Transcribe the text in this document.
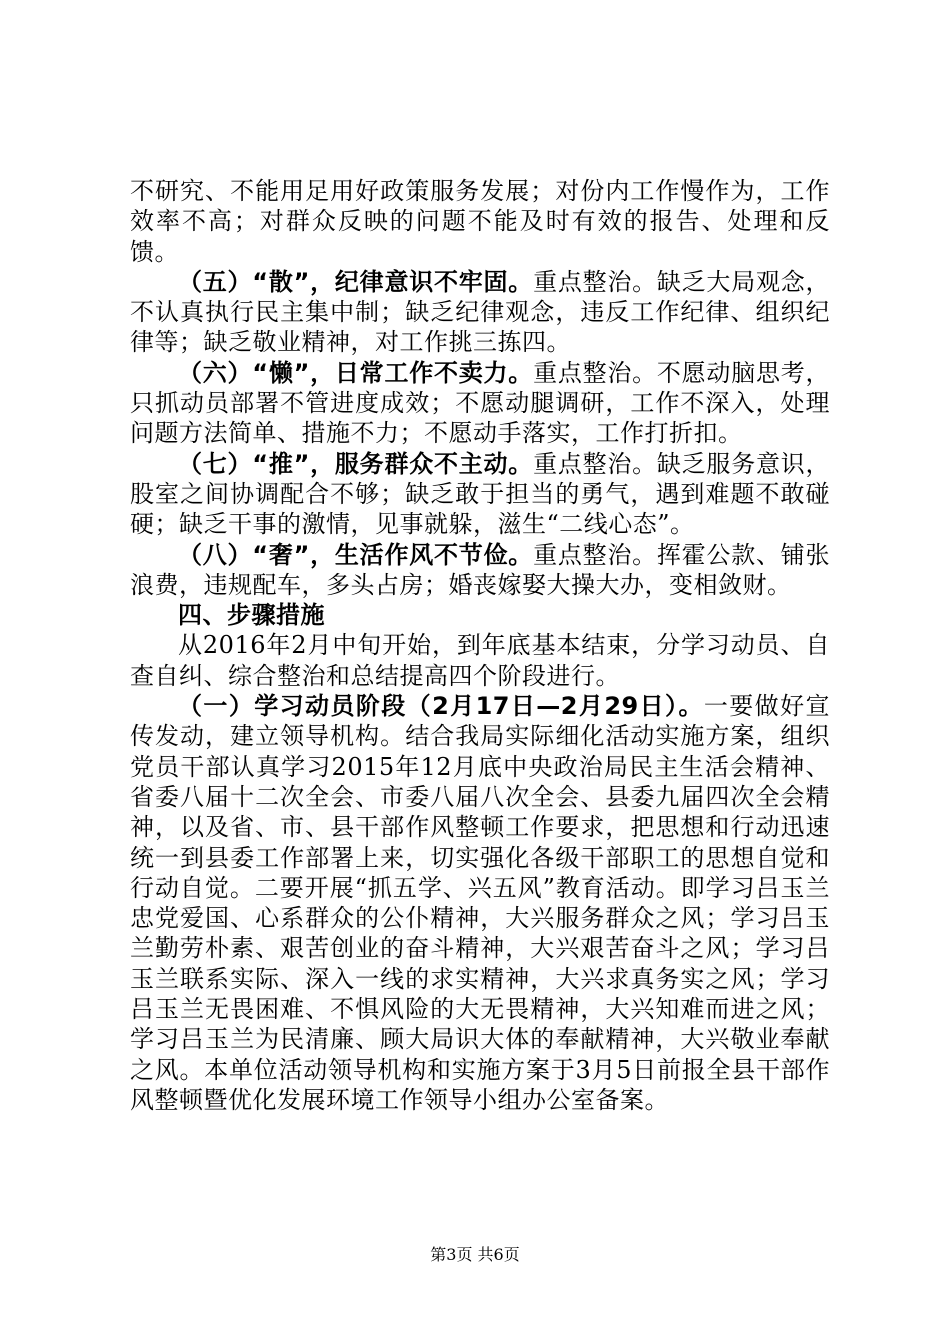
不研究、不能用足用好政策服务发展；对份内工作慢作为，工作效率不高；对群众反映的问题不能及时有效的报告、处理和反馈。

（五）“散”，纪律意识不牢固。重点整治。缺乏大局观念，不认真执行民主集中制；缺乏纪律观念，违反工作纪律、组织纪律等；缺乏敬业精神，对工作挑三拣四。

（六）“懒”，日常工作不卖力。重点整治。不愿动脑思考，只抓动员部署不管进度成效；不愿动腿调研，工作不深入，处理问题方法简单、措施不力；不愿动手落实，工作打折扣。

（七）“推”，服务群众不主动。重点整治。缺乏服务意识，股室之间协调配合不够；缺乏敢于担当的勇气，遇到难题不敢碰硬；缺乏干事的激情，见事就躲，滋生“二线心态”。

（八）“奢”，生活作风不节俭。重点整治。挥霍公款、铺张浪费，违规配车，多头占房；婚丧嫁娶大操大办，变相敛财。

四、步骤措施

从2016年2月中旬开始，到年底基本结束，分学习动员、自查自纠、综合整治和总结提高四个阶段进行。

（一）学习动员阶段（2月17日—2月29日）。一要做好宣传发动，建立领导机构。结合我局实际细化活动实施方案，组织党员干部认真学习2015年12月底中央政治局民主生活会精神、省委八届十二次全会、市委八届八次全会、县委九届四次全会精神，以及省、市、县干部作风整顿工作要求，把思想和行动迅速统一到县委工作部署上来，切实强化各级干部职工的思想自觉和行动自觉。二要开展“抓五学、兴五风”教育活动。即学习吕玉兰忠党爱国、心系群众的公仆精神，大兴服务群众之风；学习吕玉兰勤劳朴素、艰苦创业的奋斗精神，大兴艰苦奋斗之风；学习吕玉兰联系实际、深入一线的求实精神，大兴求真务实之风；学习吕玉兰无畏困难、不惧风险的大无畏精神，大兴知难而进之风；学习吕玉兰为民清廉、顾大局识大体的奉献精神，大兴敬业奉献之风。本单位活动领导机构和实施方案于3月5日前报全县干部作风整顿暨优化发展环境工作领导小组办公室备案。

第3页 共6页
